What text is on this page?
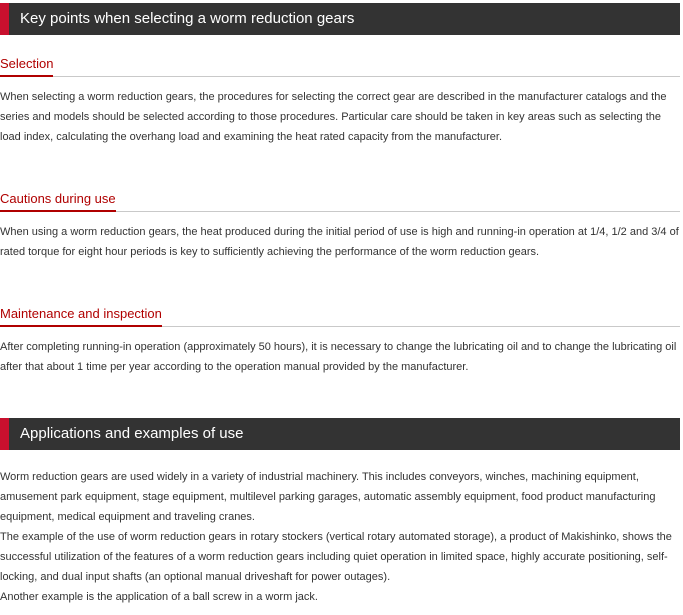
Key points when selecting a worm reduction gears
Selection

When selecting a worm reduction gears, the procedures for selecting the correct gear are described in the manufacturer catalogs and the series and models should be selected according to those procedures. Particular care should be taken in key areas such as selecting the load index, calculating the overhang load and examining the heat rated capacity from the manufacturer.

Cautions during use

When using a worm reduction gears, the heat produced during the initial period of use is high and running-in operation at 1/4, 1/2 and 3/4 of rated torque for eight hour periods is key to sufficiently achieving the performance of the worm reduction gears.

Maintenance and inspection

After completing running-in operation (approximately 50 hours), it is necessary to change the lubricating oil and to change the lubricating oil after that about 1 time per year according to the operation manual provided by the manufacturer.

Applications and examples of use
Worm reduction gears are used widely in a variety of industrial machinery. This includes conveyors, winches, machining equipment, amusement park equipment, stage equipment, multilevel parking garages, automatic assembly equipment, food product manufacturing equipment, medical equipment and traveling cranes.
The example of the use of worm reduction gears in rotary stockers (vertical rotary automated storage), a product of Makishinko, shows the successful utilization of the features of a worm reduction gears including quiet operation in limited space, highly accurate positioning, self-locking, and dual input shafts (an optional manual driveshaft for power outages).
Another example is the application of a ball screw in a worm jack.
